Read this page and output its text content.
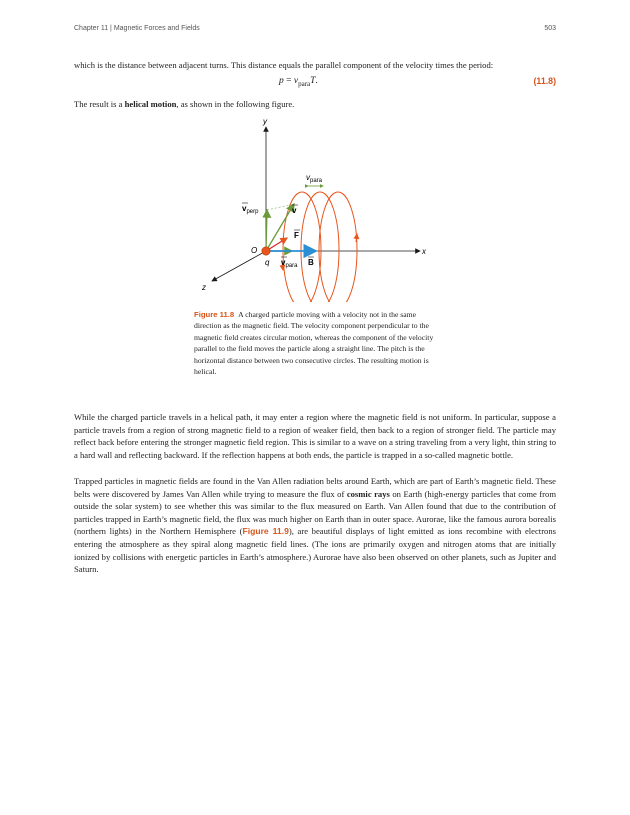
Chapter 11 | Magnetic Forces and Fields	503
which is the distance between adjacent turns. This distance equals the parallel component of the velocity times the period:
$p = v_{para}T$.	(11.8)
The result is a helical motion, as shown in the following figure.
y
x
z
O
q
$v_{perp}$	v
$v_{para}$
F
$v_{para}$ B
Figure 11.8 A charged particle moving with a velocity not in the same direction as the magnetic field. The velocity component perpendicular to the magnetic field creates circular motion, whereas the component of the velocity parallel to the field moves the particle along a straight line. The pitch is the horizontal distance between two consecutive circles. The resulting motion is helical.
While the charged particle travels in a helical path, it may enter a region where the magnetic field is not uniform. In particular, suppose a particle travels from a region of strong magnetic field to a region of weaker field, then back to a region of stronger field. The particle may reflect back before entering the stronger magnetic field region. This is similar to a wave on a string traveling from a very light, thin string to a hard wall and reflecting backward. If the reflection happens at both ends, the particle is trapped in a so-called magnetic bottle.
Trapped particles in magnetic fields are found in the Van Allen radiation belts around Earth, which are part of Earth’s magnetic field. These belts were discovered by James Van Allen while trying to measure the flux of cosmic rays on Earth (high-energy particles that come from outside the solar system) to see whether this was similar to the flux measured on Earth. Van Allen found that due to the contribution of particles trapped in Earth’s magnetic field, the flux was much higher on Earth than in outer space. Aurorae, like the famous aurora borealis (northern lights) in the Northern Hemisphere (Figure 11.9), are beautiful displays of light emitted as ions recombine with electrons entering the atmosphere as they spiral along magnetic field lines. (The ions are primarily oxygen and nitrogen atoms that are initially ionized by collisions with energetic particles in Earth’s atmosphere.) Aurorae have also been observed on other planets, such as Jupiter and Saturn.
